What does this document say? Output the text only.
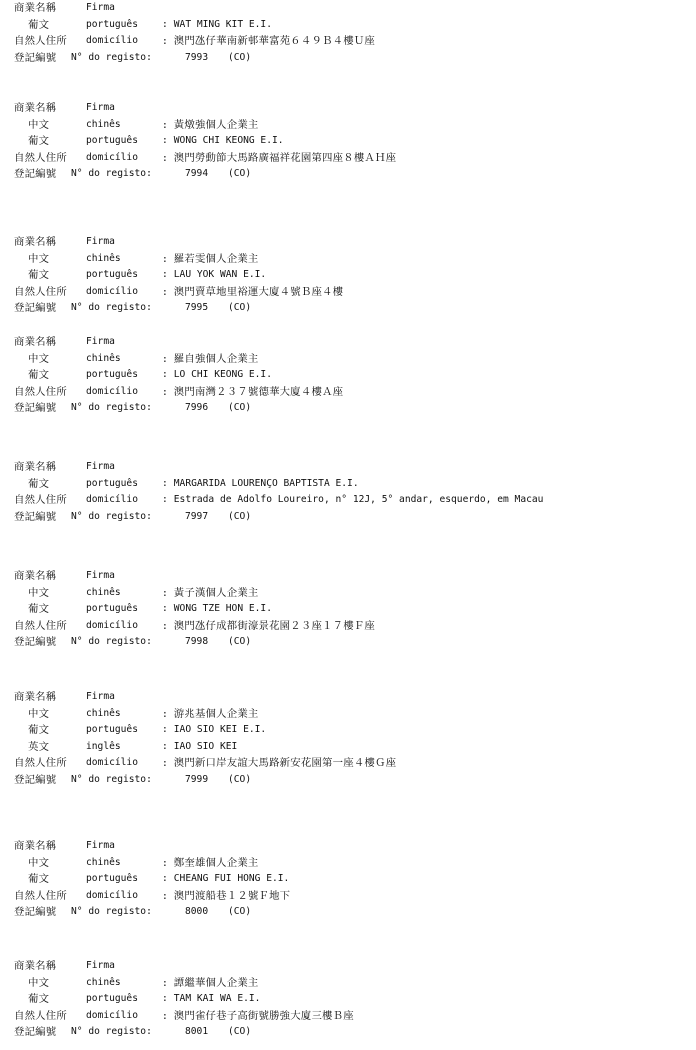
商業名稱	Firma
葡文	português	: WAT MING KIT E.I.
自然人住所 domicílio	: 澳門氹仔華南新邨華富苑６４９Ｂ４樓Ｕ座
登記編號 N° do registo:	7993 (CO)
商業名稱	Firma
中文	chinês	: 黃燉強個人企業主
葡文	português	: WONG CHI KEONG E.I.
自然人住所 domicílio	: 澳門勞動節大馬路廣福祥花園第四座８樓ＡＨ座
登記編號 N° do registo:	7994 (CO)
商業名稱	Firma
中文	chinês	: 羅若雯個人企業主
葡文	português	: LAU YOK WAN E.I.
自然人住所 domicílio	: 澳門賣草地里裕運大廈４號Ｂ座４樓
登記編號 N° do registo:	7995 (CO)
商業名稱	Firma
中文	chinês	: 羅自強個人企業主
葡文	português	: LO CHI KEONG E.I.
自然人住所 domicílio	: 澳門南灣２３７號德華大廈４樓Ａ座
登記編號 N° do registo:	7996 (CO)
商業名稱	Firma
葡文	português	: MARGARIDA LOURENÇO BAPTISTA E.I.
自然人住所 domicílio	: Estrada de Adolfo Loureiro, n° 12J, 5° andar, esquerdo, em Macau
登記編號 N° do registo:	7997 (CO)
商業名稱	Firma
中文	chinês	: 黃子漢個人企業主
葡文	português	: WONG TZE HON E.I.
自然人住所 domicílio	: 澳門氹仔成都街濠景花園２３座１７樓Ｆ座
登記編號 N° do registo:	7998 (CO)
商業名稱	Firma
中文	chinês	: 游兆基個人企業主
葡文	português	: IAO SIO KEI E.I.
英文	inglês	: IAO SIO KEI
自然人住所 domicílio	: 澳門新口岸友誼大馬路新安花園第一座４樓Ｇ座
登記編號 N° do registo:	7999 (CO)
商業名稱	Firma
中文	chinês	: 鄭奎雄個人企業主
葡文	português	: CHEANG FUI HONG E.I.
自然人住所 domicílio	: 澳門渡船巷１２號Ｆ地下
登記編號 N° do registo:	8000 (CO)
商業名稱	Firma
中文	chinês	: 譚繼華個人企業主
葡文	português	: TAM KAI WA E.I.
自然人住所 domicílio	: 澳門雀仔巷子高街號勝強大廈三樓Ｂ座
登記編號 N° do registo:	8001 (CO)
